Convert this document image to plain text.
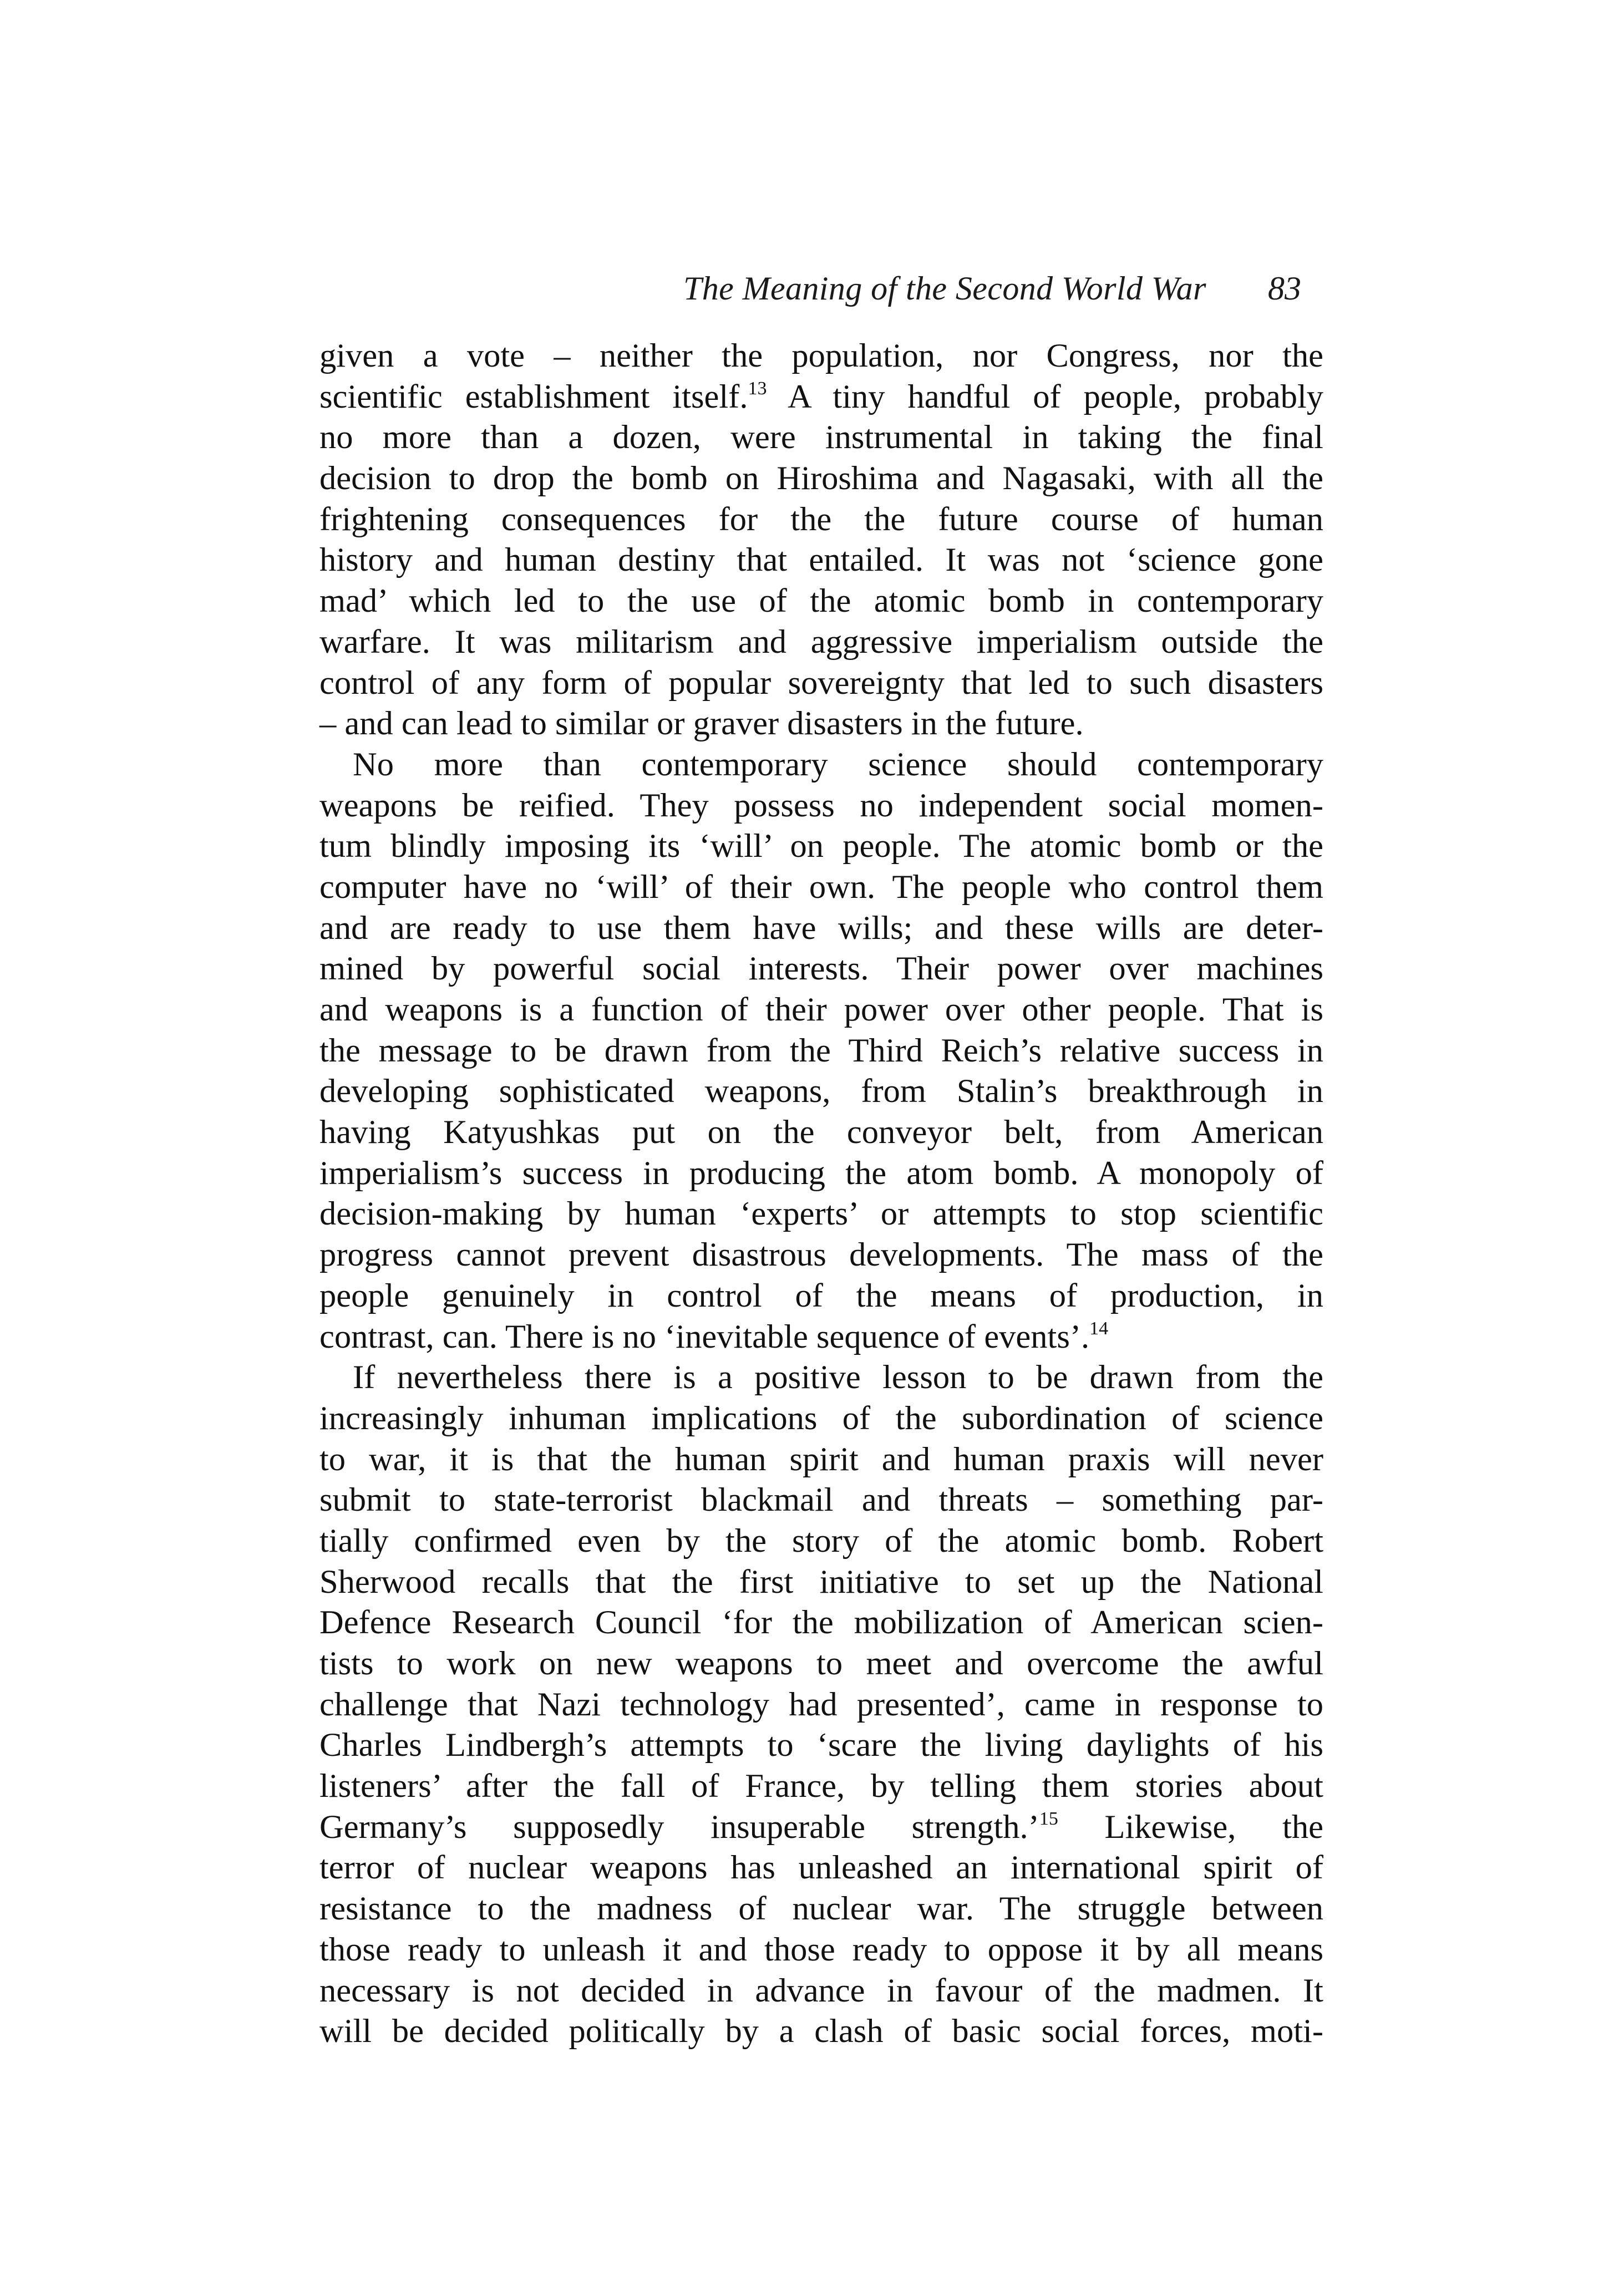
The Meaning of the Second World War 83
given a vote – neither the population, nor Congress, nor the
scientific establishment itself.$^{13}$ A tiny handful of people, probably
no more than a dozen, were instrumental in taking the final
decision to drop the bomb on Hiroshima and Nagasaki, with all the
frightening consequences for the the future course of human
history and human destiny that entailed. It was not ‘science gone
mad’ which led to the use of the atomic bomb in contemporary
warfare. It was militarism and aggressive imperialism outside the
control of any form of popular sovereignty that led to such disasters
– and can lead to similar or graver disasters in the future.
No more than contemporary science should contemporary
weapons be reified. They possess no independent social momen-
tum blindly imposing its ‘will’ on people. The atomic bomb or the
computer have no ‘will’ of their own. The people who control them
and are ready to use them have wills; and these wills are deter-
mined by powerful social interests. Their power over machines
and weapons is a function of their power over other people. That is
the message to be drawn from the Third Reich’s relative success in
developing sophisticated weapons, from Stalin’s breakthrough in
having Katyushkas put on the conveyor belt, from American
imperialism’s success in producing the atom bomb. A monopoly of
decision-making by human ‘experts’ or attempts to stop scientific
progress cannot prevent disastrous developments. The mass of the
people genuinely in control of the means of production, in
contrast, can. There is no ‘inevitable sequence of events’.$^{14}$
If nevertheless there is a positive lesson to be drawn from the
increasingly inhuman implications of the subordination of science
to war, it is that the human spirit and human praxis will never
submit to state-terrorist blackmail and threats – something par-
tially confirmed even by the story of the atomic bomb. Robert
Sherwood recalls that the first initiative to set up the National
Defence Research Council ‘for the mobilization of American scien-
tists to work on new weapons to meet and overcome the awful
challenge that Nazi technology had presented’, came in response to
Charles Lindbergh’s attempts to ‘scare the living daylights of his
listeners’ after the fall of France, by telling them stories about
Germany’s supposedly insuperable strength.’$^{15}$ Likewise, the
terror of nuclear weapons has unleashed an international spirit of
resistance to the madness of nuclear war. The struggle between
those ready to unleash it and those ready to oppose it by all means
necessary is not decided in advance in favour of the madmen. It
will be decided politically by a clash of basic social forces, moti-
